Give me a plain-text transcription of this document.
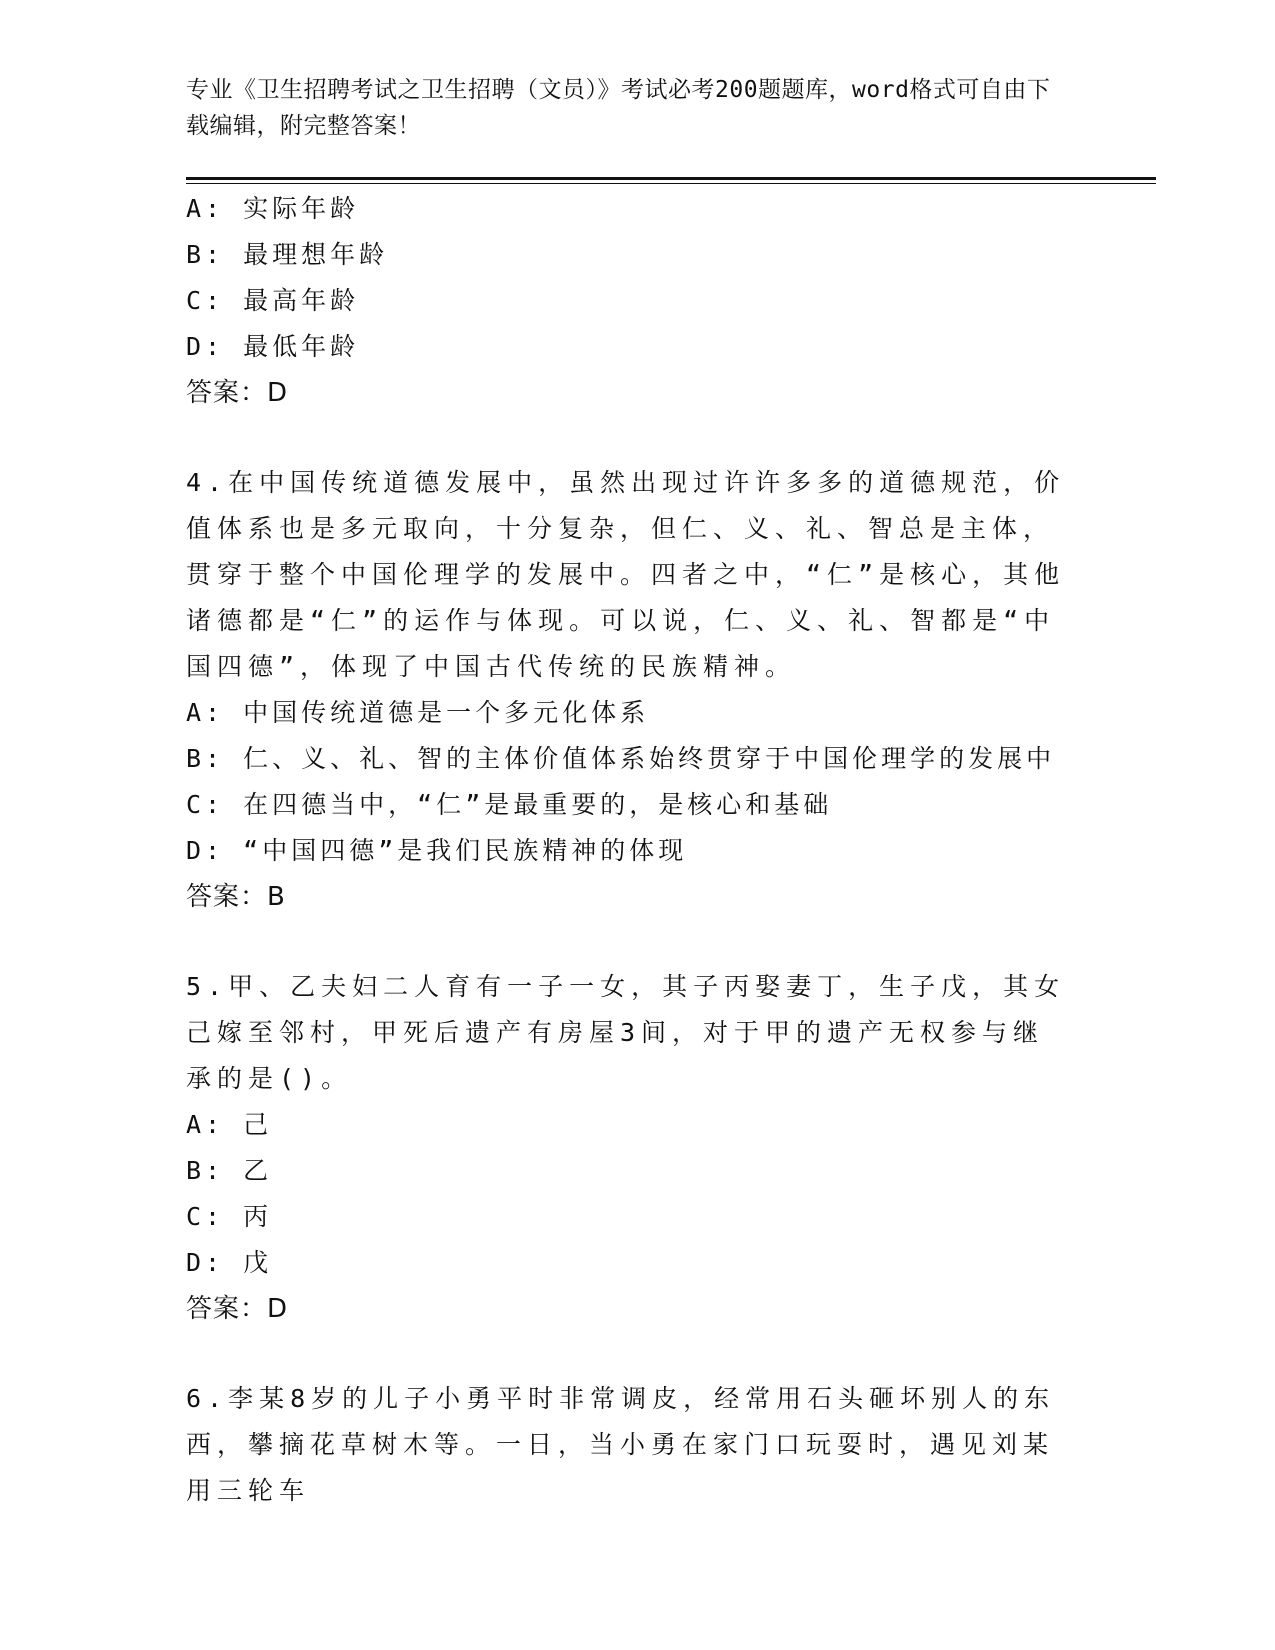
专业《卫生招聘考试之卫生招聘（文员）》考试必考200题题库，word格式可自由下载编辑，附完整答案！
A: 实际年龄
B: 最理想年龄
C: 最高年龄
D: 最低年龄
答案：D
4.在中国传统道德发展中，虽然出现过许许多多的道德规范，价值体系也是多元取向，十分复杂，但仁、义、礼、智总是主体，贯穿于整个中国伦理学的发展中。四者之中，“仁”是核心，其他诸德都是“仁”的运作与体现。可以说，仁、义、礼、智都是“中国四德”，体现了中国古代传统的民族精神。
A: 中国传统道德是一个多元化体系
B: 仁、义、礼、智的主体价值体系始终贯穿于中国伦理学的发展中
C: 在四德当中，“仁”是最重要的，是核心和基础
D: “中国四德”是我们民族精神的体现
答案：B
5.甲、乙夫妇二人育有一子一女，其子丙娶妻丁，生子戊，其女己嫁至邻村，甲死后遗产有房屋3间，对于甲的遗产无权参与继承的是()。
A: 己
B: 乙
C: 丙
D: 戊
答案：D
6.李某8岁的儿子小勇平时非常调皮，经常用石头砸坏别人的东西，攀摘花草树木等。一日，当小勇在家门口玩耍时，遇见刘某用三轮车
